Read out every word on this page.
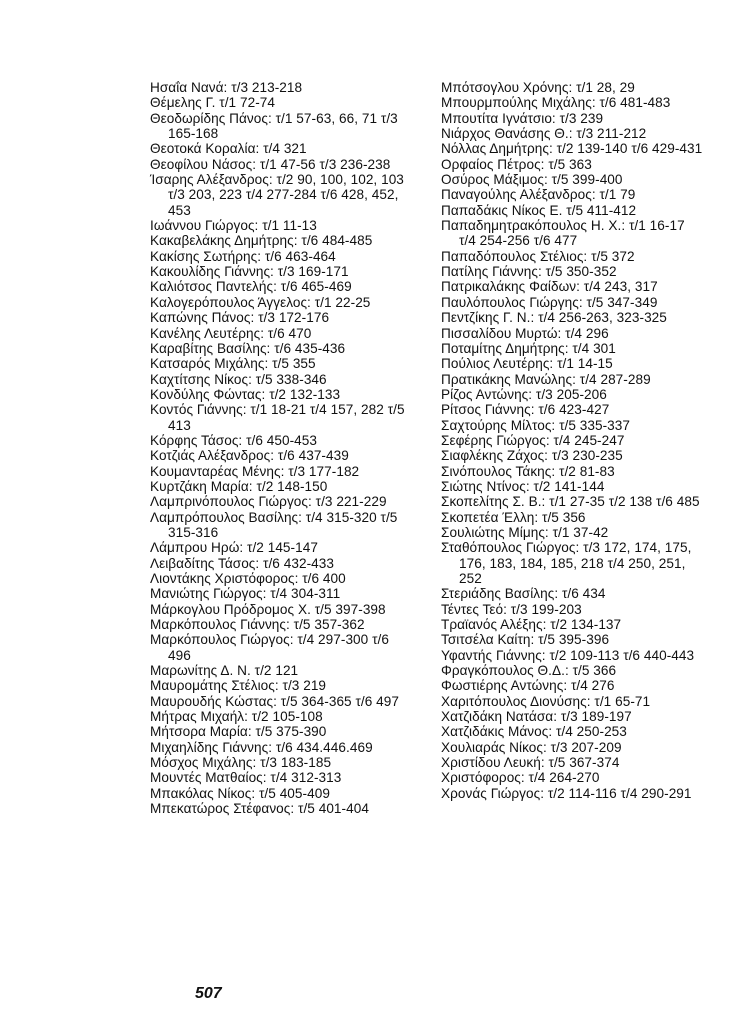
Ησαΐα Νανά: τ/3 213-218

Θέμελης Γ. τ/1 72-74

Θεοδωρίδης Πάνος: τ/1 57-63, 66, 71 τ/3 165-168

Θεοτοκά Κοραλία: τ/4 321

Θεοφίλου Νάσος: τ/1 47-56 τ/3 236-238

Ίσαρης Αλέξανδρος: τ/2 90, 100, 102, 103 τ/3 203, 223 τ/4 277-284 τ/6 428, 452, 453

Ιωάννου Γιώργος: τ/1 11-13

Κακαβελάκης Δημήτρης: τ/6 484-485

Κακίσης Σωτήρης: τ/6 463-464

Κακουλίδης Γιάννης: τ/3 169-171

Καλιότσος Παντελής: τ/6 465-469

Καλογερόπουλος Άγγελος: τ/1 22-25

Καπώνης Πάνος: τ/3 172-176

Κανέλης Λευτέρης: τ/6 470

Καραβίτης Βασίλης: τ/6 435-436

Κατσαρός Μιχάλης: τ/5 355

Καχτίτσης Νίκος: τ/5 338-346

Κονδύλης Φώντας: τ/2 132-133

Κοντός Γιάννης: τ/1 18-21 τ/4 157, 282 τ/5 413

Κόρφης Τάσος: τ/6 450-453

Κοτζιάς Αλέξανδρος: τ/6 437-439

Κουμανταρέας Μένης: τ/3 177-182

Κυρτζάκη Μαρία: τ/2 148-150

Λαμπρινόπουλος Γιώργος: τ/3 221-229

Λαμπρόπουλος Βασίλης: τ/4 315-320 τ/5 315-316

Λάμπρου Ηρώ: τ/2 145-147

Λειβαδίτης Τάσος: τ/6 432-433

Λιοντάκης Χριστόφορος: τ/6 400

Μανιώτης Γιώργος: τ/4 304-311

Μάρκογλου Πρόδρομος Χ. τ/5 397-398

Μαρκόπουλος Γιάννης: τ/5 357-362

Μαρκόπουλος Γιώργος: τ/4 297-300 τ/6 496

Μαρωνίτης Δ. Ν. τ/2 121

Μαυρομάτης Στέλιος: τ/3 219

Μαυρουδής Κώστας: τ/5 364-365 τ/6 497

Μήτρας Μιχαήλ: τ/2 105-108

Μήτσορα Μαρία: τ/5 375-390

Μιχαηλίδης Γιάννης: τ/6 434.446.469

Μόσχος Μιχάλης: τ/3 183-185

Μουντές Ματθαίος: τ/4 312-313

Μπακόλας Νίκος: τ/5 405-409

Μπεκατώρος Στέφανος: τ/5 401-404

Μπότσογλου Χρόνης: τ/1 28, 29

Μπουρμπούλης Μιχάλης: τ/6 481-483

Μπουτίτα Ιγνάτσιο: τ/3 239

Νιάρχος Θανάσης Θ.: τ/3 211-212

Νόλλας Δημήτρης: τ/2 139-140 τ/6 429-431

Ορφαίος Πέτρος: τ/5 363

Οσύρος Μάξιμος: τ/5 399-400

Παναγούλης Αλέξανδρος: τ/1 79

Παπαδάκις Νίκος Ε. τ/5 411-412

Παπαδημητρακόπουλος Η. Χ.: τ/1 16-17 τ/4 254-256 τ/6 477

Παπαδόπουλος Στέλιος: τ/5 372

Πατίλης Γιάννης: τ/5 350-352

Πατρικαλάκης Φαίδων: τ/4 243, 317

Παυλόπουλος Γιώργης: τ/5 347-349

Πεντζίκης Γ. Ν.: τ/4 256-263, 323-325

Πισσαλίδου Μυρτώ: τ/4 296

Ποταμίτης Δημήτρης: τ/4 301

Πούλιος Λευτέρης: τ/1 14-15

Πρατικάκης Μανώλης: τ/4 287-289

Ρίζος Αντώνης: τ/3 205-206

Ρίτσος Γιάννης: τ/6 423-427

Σαχτούρης Μίλτος: τ/5 335-337

Σεφέρης Γιώργος: τ/4 245-247

Σιαφλέκης Ζάχος: τ/3 230-235

Σινόπουλος Τάκης: τ/2 81-83

Σιώτης Ντίνος: τ/2 141-144

Σκοπελίτης Σ. Β.: τ/1 27-35 τ/2 138 τ/6 485

Σκοπετέα Έλλη: τ/5 356

Σουλιώτης Μίμης: τ/1 37-42

Σταθόπουλος Γιώργος: τ/3 172, 174, 175, 176, 183, 184, 185, 218 τ/4 250, 251, 252

Στεριάδης Βασίλης: τ/6 434

Τέντες Τεό: τ/3 199-203

Τραϊανός Αλέξης: τ/2 134-137

Τσιτσέλα Καίτη: τ/5 395-396

Υφαντής Γιάννης: τ/2 109-113 τ/6 440-443

Φραγκόπουλος Θ.Δ.: τ/5 366

Φωστιέρης Αντώνης: τ/4 276

Χαριτόπουλος Διονύσης: τ/1 65-71

Χατζιδάκη Νατάσα: τ/3 189-197

Χατζιδάκις Μάνος: τ/4 250-253

Χουλιαράς Νίκος: τ/3 207-209

Χριστίδου Λευκή: τ/5 367-374

Χριστόφορος: τ/4 264-270

Χρονάς Γιώργος: τ/2 114-116 τ/4 290-291

507
